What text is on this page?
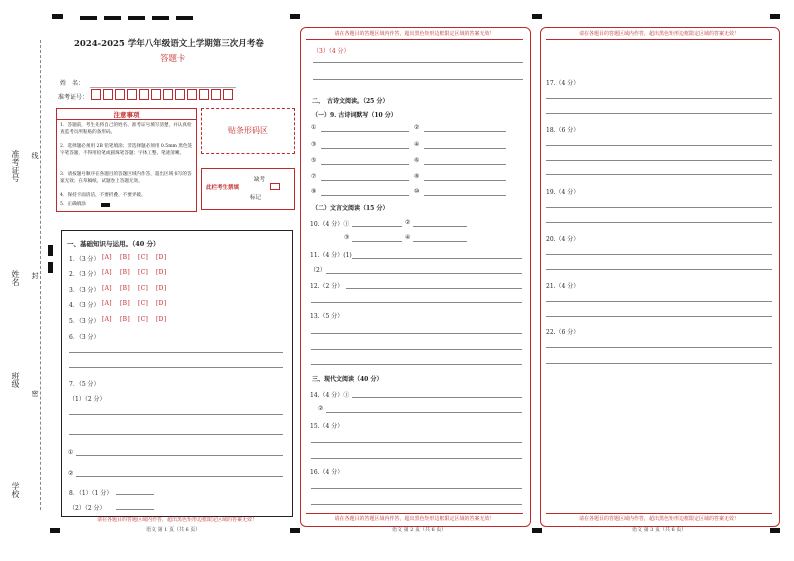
准考证号 线
姓名 封
班级
密
学校
2024-2025 学年八年级语文上学期第三次月考卷
答题卡
姓　名：
准考证号：
注意事项
1．答题前，考生先将自己的姓名、准考证号填写清楚，并认真检查监考员所粘贴的条形码。
2．选择题必须用 2B 铅笔填涂；非选择题必须用 0.5mm 黑色签字笔答题，不得用铅笔或圆珠笔答题；字体工整、笔迹清晰。
3．请按题号顺序在各题目的答题区域内作答，超出区域书写的答案无效；在草稿纸、试题卷上答题无效。
4．保持卡面清洁，不要折叠、不要弄破。
5．正确填涂
贴条形码区
此栏考生禁填
缺考
标记
一、基础知识与运用。（40 分）
1．（3 分） [A] [B] [C] [D]
2．（3 分） [A] [B] [C] [D]
3．（3 分） [A] [B] [C] [D]
4．（3 分） [A] [B] [C] [D]
5．（3 分） [A] [B] [C] [D]
6．（3 分）
7．（5 分）
（1）（2 分）
①
②
8．（1）（1 分）
（2）（2 分）
请在各题目的答题区域内作答，超出黑色矩形边框限定区域的答案无效！
语文 第 1 页（共 6 页）
请在各题目的答题区域内作答，超出黑色矩形边框限定区域的答案无效！
（3）（4 分）
二、　古诗文阅读。（25 分）
（一）9. 古诗词默写（10 分）
①	②
③	④
⑤	⑥
⑦	⑧
⑨	⑩
（二）文言文阅读（15 分）
10.（4 分）①	②
③	④
11.（4 分）(1)
（2）
12.（2 分）
13.（5 分）
三、现代文阅读（40 分）
14.（4 分）①
②
15.（4 分）
16.（4 分）
请在各题目的答题区域内作答，超出黑色矩形边框限定区域的答案无效！
语文 第 2 页（共 6 页）
请在各题目的答题区域内作答，超出黑色矩形边框限定区域的答案无效！
17.（4 分）
18.（6 分）
19.（4 分）
20.（4 分）
21.（4 分）
22.（6 分）
请在各题目的答题区域内作答，超出黑色矩形边框限定区域的答案无效！
语文 第 3 页（共 6 页）
